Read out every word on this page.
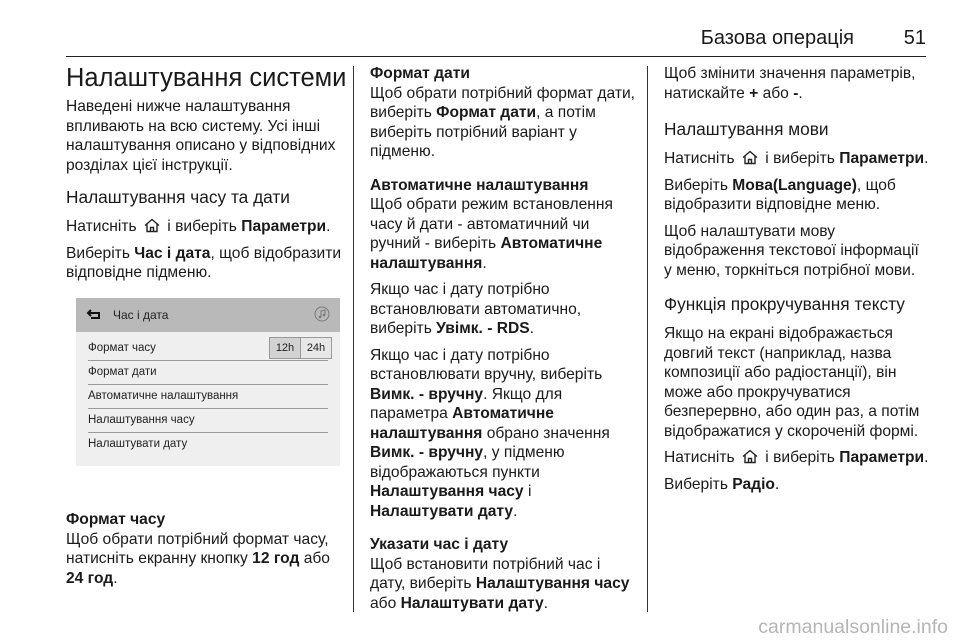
Базова операція 51
Налаштування системи

Наведені нижче налаштування впливають на всю систему. Усі інші налаштування описано у відповідних розділах цієї інструкції.

Налаштування часу та дати

Натисніть і виберіть Параметри.

Виберіть Час і дата, щоб відобразити відповідне підменю.

Час і дата
Формат часу	12h	24h
Формат дати
Автоматичне налаштування
Налаштування часу
Налаштувати дату
Формат часу

Щоб обрати потрібний формат часу, натисніть екранну кнопку 12 год або 24 год.

Формат дати

Щоб обрати потрібний формат дати, виберіть Формат дати, а потім виберіть потрібний варіант у підменю.

Автоматичне налаштування

Щоб обрати режим встановлення часу й дати - автоматичний чи ручний - виберіть Автоматичне налаштування.

Якщо час і дату потрібно встановлювати автоматично, виберіть Увімк. - RDS.

Якщо час і дату потрібно встановлювати вручну, виберіть Вимк. - вручну. Якщо для параметра Автоматичне налаштування обрано значення Вимк. - вручну, у підменю відображаються пункти Налаштування часу і Налаштувати дату.

Указати час і дату

Щоб встановити потрібний час і дату, виберіть Налаштування часу або Налаштувати дату.

Щоб змінити значення параметрів, натискайте + або -.

Налаштування мови

Натисніть і виберіть Параметри.

Виберіть Мова(Language), щоб відобразити відповідне меню.

Щоб налаштувати мову відображення текстової інформації у меню, торкніться потрібної мови.

Функція прокручування тексту

Якщо на екрані відображається довгий текст (наприклад, назва композиції або радіостанції), він може або прокручуватися безперервно, або один раз, а потім відображатися у скороченій формі.

Натисніть і виберіть Параметри.

Виберіть Радіо.

carmanualsonline.info
